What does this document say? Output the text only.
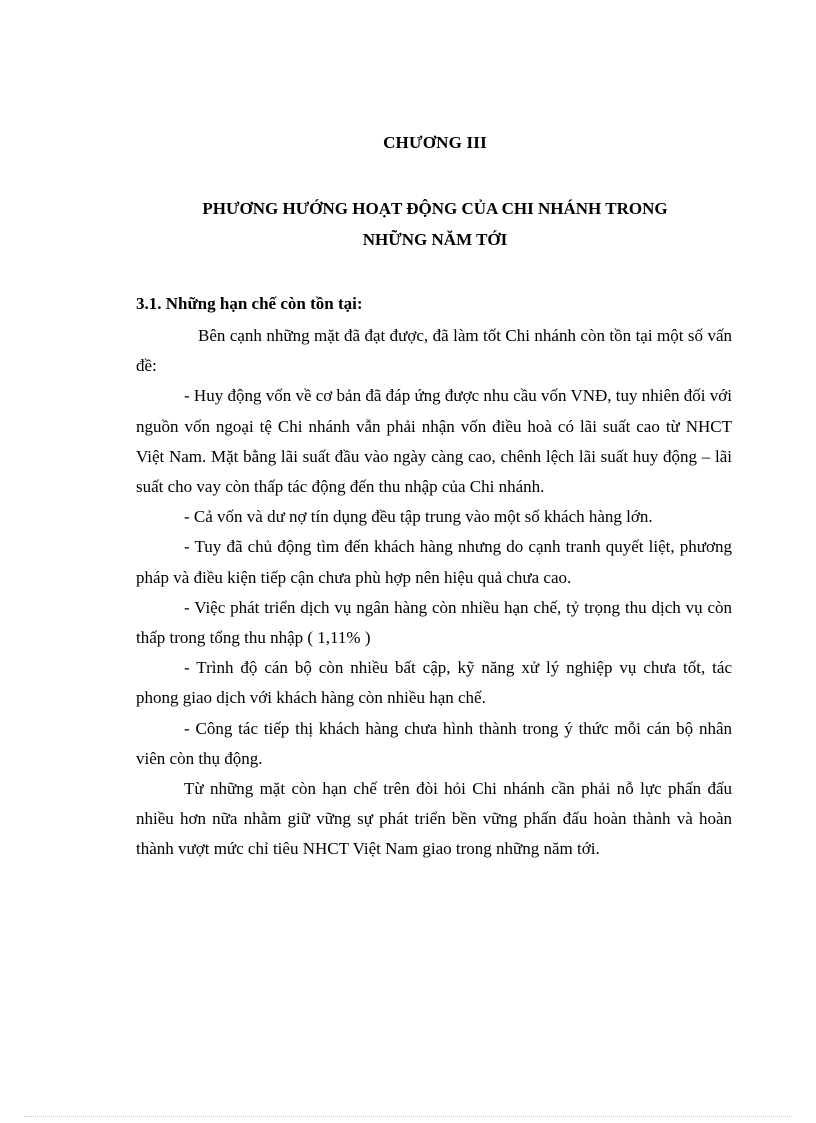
CHƯƠNG III
PHƯƠNG HƯỚNG HOẠT ĐỘNG CỦA CHI NHÁNH TRONG
NHỮNG NĂM TỚI
3.1. Những hạn chế còn tồn tại:

Bên cạnh những mặt đã đạt được, đã làm tốt Chi nhánh còn tồn tại một số vấn đề:

- Huy động vốn về cơ bản đã đáp ứng được nhu cầu vốn VNĐ, tuy nhiên đối với nguồn vốn ngoại tệ Chi nhánh vẫn phải nhận vốn điều hoà có lãi suất cao từ NHCT Việt Nam. Mặt bằng lãi suất đầu vào ngày càng cao, chênh lệch lãi suất huy động – lãi suất cho vay còn thấp tác động đến thu nhập của Chi nhánh.

- Cả vốn và dư nợ tín dụng đều tập trung vào một số khách hàng lớn.

- Tuy đã chủ động tìm đến khách hàng nhưng do cạnh tranh quyết liệt, phương pháp và điều kiện tiếp cận chưa phù hợp nên hiệu quả chưa cao.

- Việc phát triển dịch vụ ngân hàng còn nhiều hạn chế, tỷ trọng thu dịch vụ còn thấp trong tổng thu nhập ( 1,11% )

- Trình độ cán bộ còn nhiều bất cập, kỹ năng xử lý nghiệp vụ chưa tốt, tác phong giao dịch với khách hàng còn nhiều hạn chế.

- Công tác tiếp thị khách hàng chưa hình thành trong ý thức mỗi cán bộ nhân viên còn thụ động.

Từ những mặt còn hạn chế trên đòi hỏi Chi nhánh cần phải nỗ lực phấn đấu nhiều hơn nữa nhằm giữ vững sự phát triển bền vững phấn đấu hoàn thành và hoàn thành vượt mức chỉ tiêu NHCT Việt Nam giao trong những năm tới.
